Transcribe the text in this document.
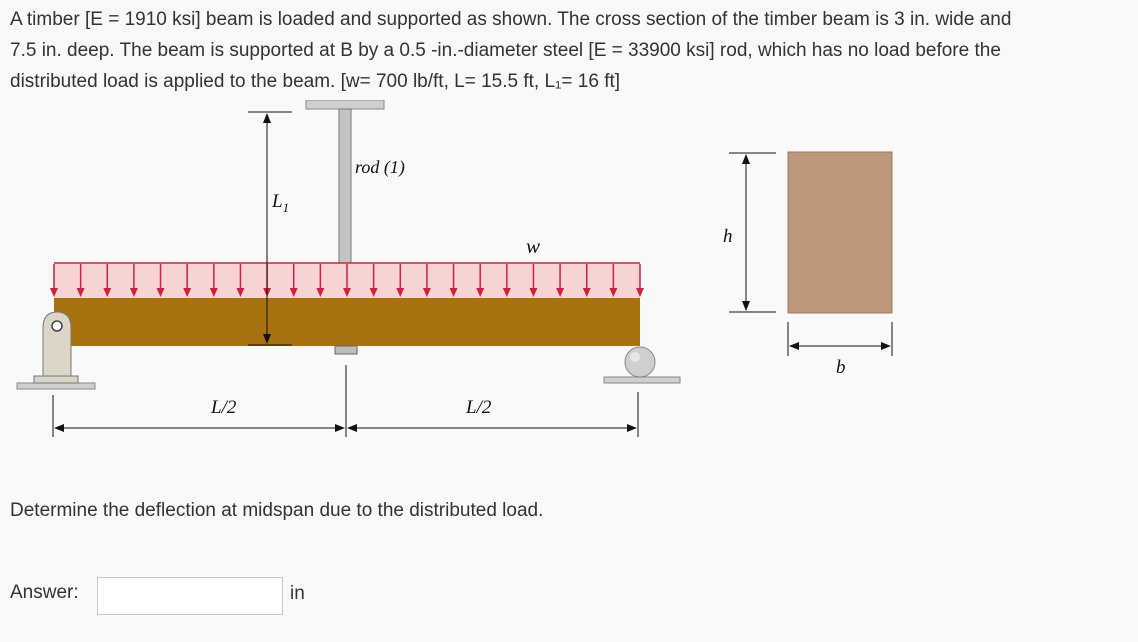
A timber [E = 1910 ksi] beam is loaded and supported as shown. The cross section of the timber beam is 3 in. wide and
7.5 in. deep. The beam is supported at B by a 0.5 -in.-diameter steel [E = 33900 ksi] rod, which has no load before the
distributed load is applied to the beam. [w= 700 lb/ft, L= 15.5 ft, L₁= 16 ft]
$L_1$
rod (1)
w
L/2	L/2
h
b

Determine the deflection at midspan due to the distributed load.

Answer:	in
